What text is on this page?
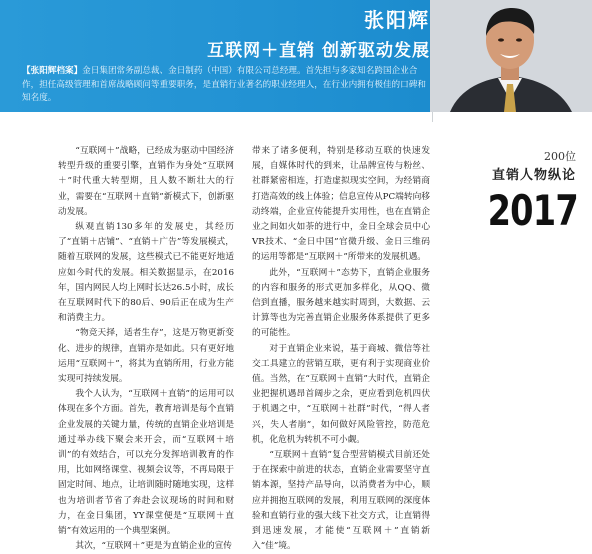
张阳辉
互联网＋直销 创新驱动发展
【张阳辉档案】金日集团常务副总裁、金日制药（中国）有限公司总经理。首先担与多家知名跨国企业合作，担任高级管理和首席战略顾问等重要职务，是直销行业著名的职业经理人，在行业内拥有极佳的口碑和知名度。

“互联网＋”战略，已经成为驱动中国经济转型升级的重要引擎，直销作为身处“互联网＋”时代重大转型期，且人数不断壮大的行业，需要在“互联网＋直销”新模式下，创新驱动发展。

纵观直销130多年的发展史，其经历了“直销＋店铺”、“直销＋广告”等发展模式，随着互联网的发展，这些模式已不能更好地适应如今时代的发展。相关数据显示，在2016年，国内网民人均上网时长达26.5小时，成长在互联网时代下的80后、90后正在成为生产和消费主力。

“物竞天择，适者生存”，这是万物更新变化、进步的规律，直销亦是如此。只有更好地运用“互联网＋”，将其为直销所用，行业方能实现可持续发展。

我个人认为，“互联网＋直销”的运用可以体现在多个方面。首先，教育培训是每个直销企业发展的关键力量，传统的直销企业培训是通过举办线下聚会来开会，而“互联网＋培训”的有效结合，可以充分发挥培训教育的作用，比如网络课堂、视频会议等，不再局限于固定时间、地点，让培训随时随地实现，这样也为培训者节省了奔赴会议现场的时间和财力，在金日集团，YY课堂便是“互联网＋直销”有效运用的一个典型案例。

其次，“互联网＋”更是为直销企业的宣传

带来了诸多便利，特别是移动互联的快速发展，自媒体时代的到来，让品牌宣传与粉丝、社群紧密相连，打造虚拟现实空间，为经销商打造高效的线上体验；信息宣传从PC端转向移动终端，企业宣传能提升实用性，也在直销企业之间如火如荼的进行中，金日全球会员中心VR技术、“金日中国”官微升级、金日三维码的运用等都是“互联网＋”所带来的发展机遇。

此外，“互联网＋”态势下，直销企业服务的内容和服务的形式更加多样化，从QQ、微信到直播，服务越来越实时周到，大数据、云计算等也为完善直销企业服务体系提供了更多的可能性。

对于直销企业来说，基于商城、微信等社交工具建立的营销互联，更有利于实现商业价值。当然，在“互联网＋直销”大时代，直销企业把握机遇昂首阔步之余，更应看到危机四伏于机遇之中，“互联网＋社群”时代，“得人者兴，失人者崩”，如何做好风险管控，防范危机，化危机为转机不可小觑。

“互联网＋直销”复合型营销模式目前还处于在探索中前进的状态，直销企业需要坚守直销本源，坚持产品导向，以消费者为中心，顺应并拥抱互联网的发展，利用互联网的深度体验和直销行业的强大线下社交方式，让直销得到迅速发展，才能使“互联网＋”直销新入“佳”境。

200位
直销人物纵论
2017
